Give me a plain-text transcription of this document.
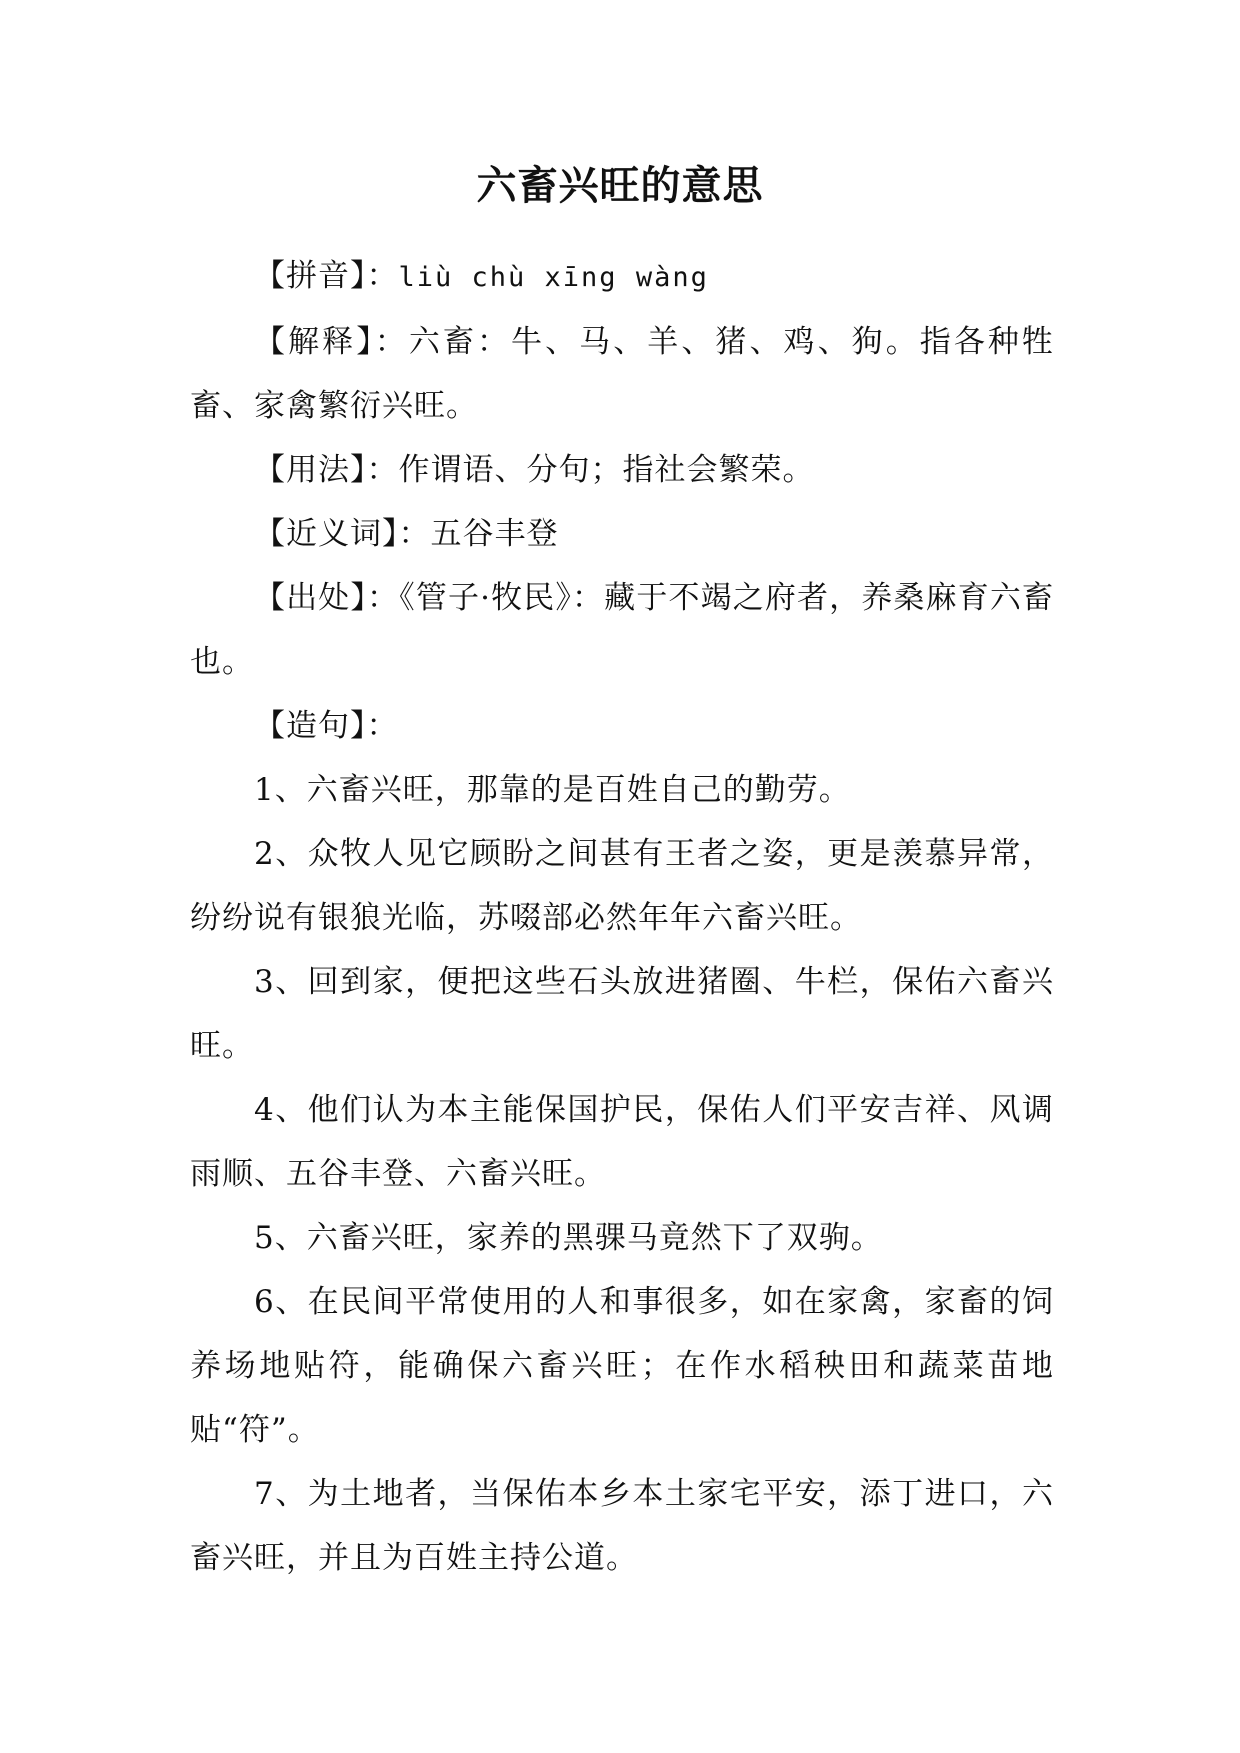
六畜兴旺的意思

【拼音】：liù chù xīng wàng

【解释】：六畜：牛、马、羊、猪、鸡、狗。指各种牲畜、家禽繁衍兴旺。

【用法】：作谓语、分句；指社会繁荣。

【近义词】：五谷丰登

【出处】：《管子·牧民》：藏于不竭之府者，养桑麻育六畜也。

【造句】：

1、六畜兴旺，那靠的是百姓自己的勤劳。

2、众牧人见它顾盼之间甚有王者之姿，更是羡慕异常，纷纷说有银狼光临，苏啜部必然年年六畜兴旺。

3、回到家，便把这些石头放进猪圈、牛栏，保佑六畜兴旺。

4、他们认为本主能保国护民，保佑人们平安吉祥、风调雨顺、五谷丰登、六畜兴旺。

5、六畜兴旺，家养的黑骒马竟然下了双驹。

6、在民间平常使用的人和事很多，如在家禽，家畜的饲养场地贴符，能确保六畜兴旺；在作水稻秧田和蔬菜苗地贴“符”。

7、为土地者，当保佑本乡本土家宅平安，添丁进口，六畜兴旺，并且为百姓主持公道。
